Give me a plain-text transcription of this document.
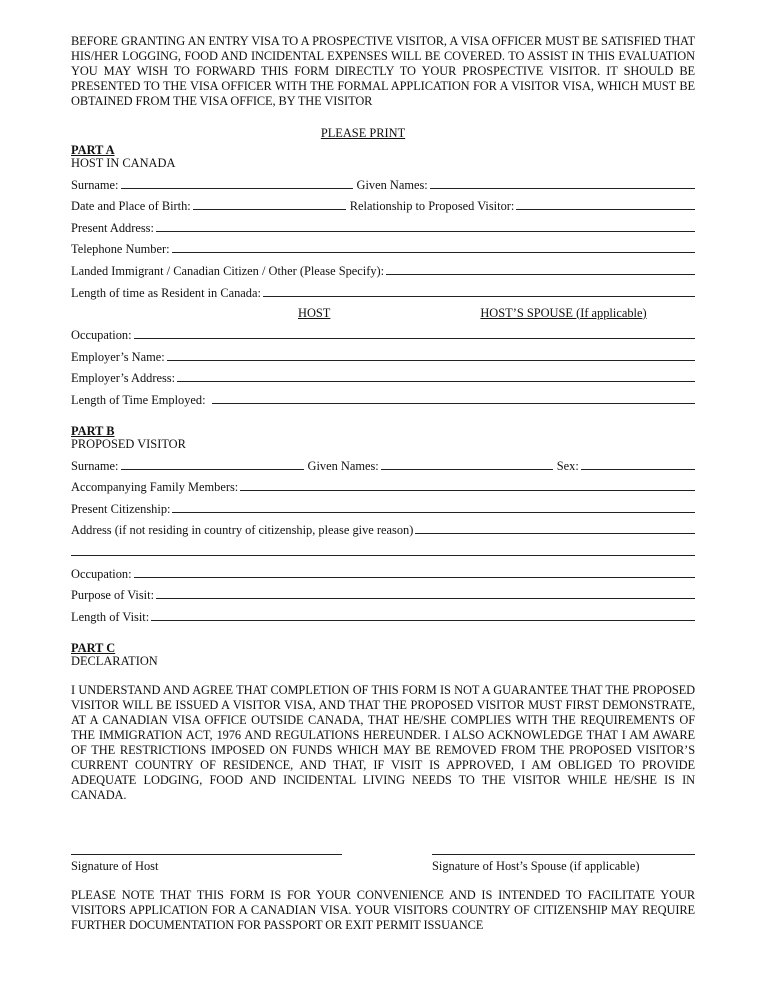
BEFORE GRANTING AN ENTRY VISA TO A PROSPECTIVE VISITOR, A VISA OFFICER MUST BE SATISFIED THAT HIS/HER LOGGING, FOOD AND INCIDENTAL EXPENSES WILL BE COVERED. TO ASSIST IN THIS EVALUATION YOU MAY WISH TO FORWARD THIS FORM DIRECTLY TO YOUR PROSPECTIVE VISITOR. IT SHOULD BE PRESENTED TO THE VISA OFFICER WITH THE FORMAL APPLICATION FOR A VISITOR VISA, WHICH MUST BE OBTAINED FROM THE VISA OFFICE, BY THE VISITOR

PLEASE PRINT
PART A
HOST IN CANADA
Surname:	Given Names:
Date and Place of Birth:	Relationship to Proposed Visitor:
Present Address:
Telephone Number:
Landed Immigrant / Canadian Citizen / Other (Please Specify):
Length of time as Resident in Canada:
HOST	HOST’S SPOUSE (If applicable)
Occupation:
Employer’s Name:
Employer’s Address:
Length of Time Employed:
PART B
PROPOSED VISITOR
Surname:	Given Names:	Sex:
Accompanying Family Members:
Present Citizenship:
Address (if not residing in country of citizenship, please give reason)
Occupation:
Purpose of Visit:
Length of Visit:
PART C
DECLARATION

I UNDERSTAND AND AGREE THAT COMPLETION OF THIS FORM IS NOT A GUARANTEE THAT THE PROPOSED VISITOR WILL BE ISSUED A VISITOR VISA, AND THAT THE PROPOSED VISITOR MUST FIRST DEMONSTRATE, AT A CANADIAN VISA OFFICE OUTSIDE CANADA, THAT HE/SHE COMPLIES WITH THE REQUIREMENTS OF THE IMMIGRATION ACT, 1976 AND REGULATIONS HEREUNDER. I ALSO ACKNOWLEDGE THAT I AM AWARE OF THE RESTRICTIONS IMPOSED ON FUNDS WHICH MAY BE REMOVED FROM THE PROPOSED VISITOR’S CURRENT COUNTRY OF RESIDENCE, AND THAT, IF VISIT IS APPROVED, I AM OBLIGED TO PROVIDE ADEQUATE LODGING, FOOD AND INCIDENTAL LIVING NEEDS TO THE VISITOR WHILE HE/SHE IS IN CANADA.

Signature of Host	Signature of Host’s Spouse (if applicable)

PLEASE NOTE THAT THIS FORM IS FOR YOUR CONVENIENCE AND IS INTENDED TO FACILITATE YOUR VISITORS APPLICATION FOR A CANADIAN VISA. YOUR VISITORS COUNTRY OF CITIZENSHIP MAY REQUIRE FURTHER DOCUMENTATION FOR PASSPORT OR EXIT PERMIT ISSUANCE
